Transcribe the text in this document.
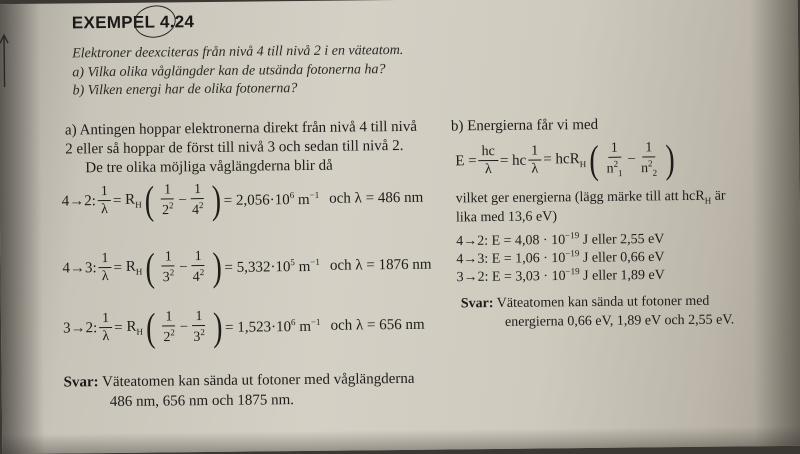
EXEMPEL 4.24
Elektroner deexciteras från nivå 4 till nivå 2 i en väteatom.
a) Vilka olika våglängder kan de utsända fotonerna ha?
b) Vilken energi har de olika fotonerna?
a) Antingen hoppar elektronerna direkt från nivå 4 till nivå
2 eller så hoppar de först till nivå 3 och sedan till nivå 2.
De tre olika möjliga våglängderna blir då
4→2: $\frac{1}{\lambda} = R_H$ ( $\frac{1}{2^2} - \frac{1}{4^2}$ ) = $2,056\cdot 10^6$ $m^{-1}$ och λ = 486 nm
4→3: $\frac{1}{\lambda} = R_H$ ( $\frac{1}{3^2} - \frac{1}{4^2}$ ) = $5,332\cdot 10^5$ $m^{-1}$ och λ = 1876 nm
3→2: $\frac{1}{\lambda} = R_H$ ( $\frac{1}{2^2} - \frac{1}{3^2}$ ) = $1,523\cdot 10^6$ $m^{-1}$ och λ = 656 nm
Svar: Väteatomen kan sända ut fotoner med våglängderna
486 nm, 656 nm och 1875 nm.
b) Energierna får vi med
$E = \frac{hc}{\lambda}$ = hc $\frac{1}{\lambda} = hcR_H$ ( $\frac{1}{n^2_1} - \frac{1}{n^2_2}$ )
vilket ger energierna (lägg märke till att hcR$_H$ är
lika med 13,6 eV)
4→2: $E = 4,08 \cdot 10^{-19}$ J eller 2,55 eV
4→3: $E = 1,06 \cdot 10^{-19}$ J eller 0,66 eV
3→2: $E = 3,03 \cdot 10^{-19}$ J eller 1,89 eV
Svar: Väteatomen kan sända ut fotoner med
energierna 0,66 eV, 1,89 eV och 2,55 eV.
